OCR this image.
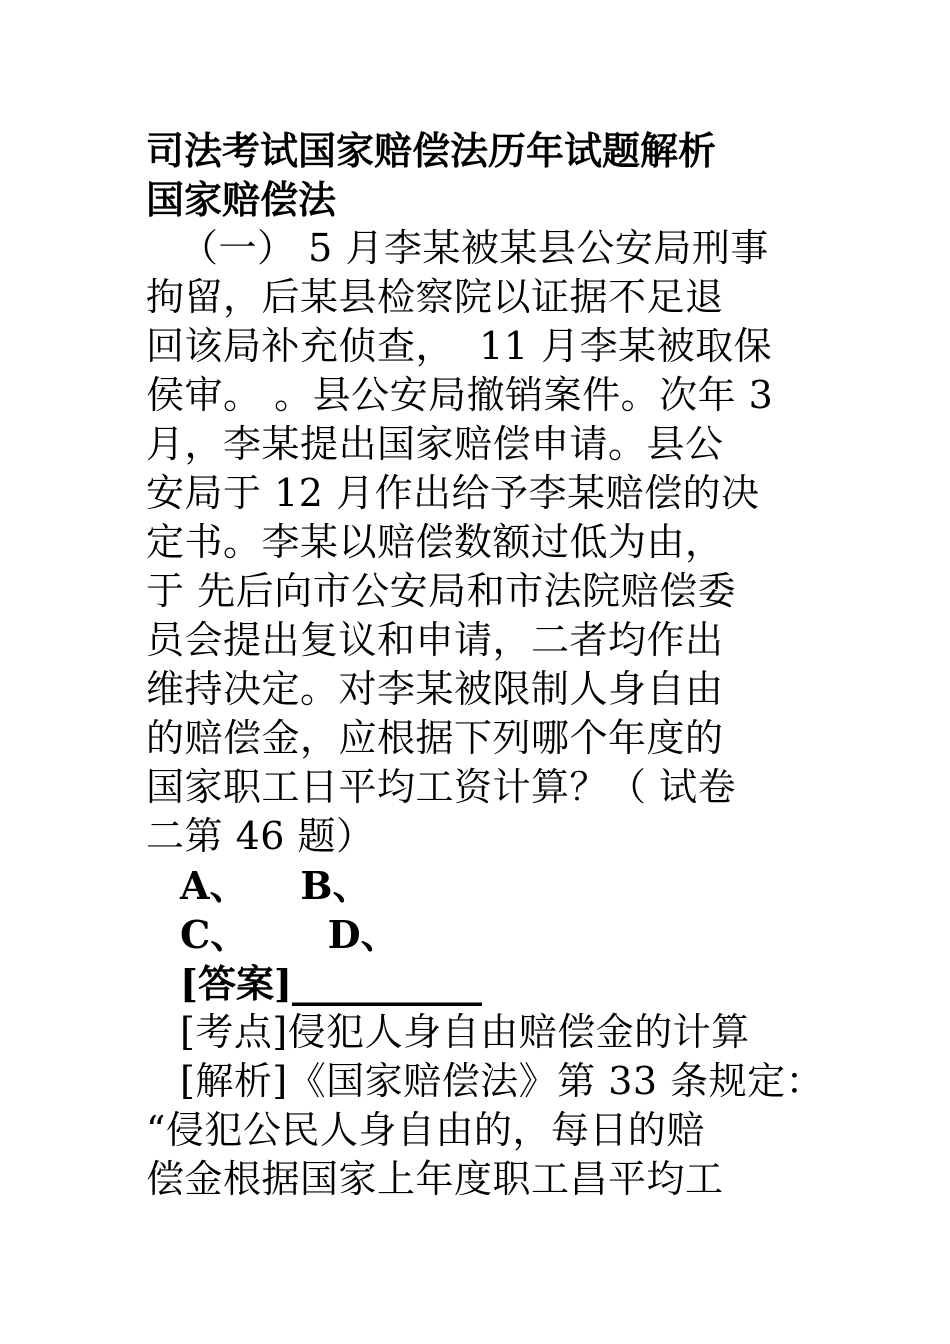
司法考试国家赔偿法历年试题解析
国家赔偿法
（一） 5 月李某被某县公安局刑事
拘留，后某县检察院以证据不足退
回该局补充侦查，  11 月李某被取保
侯审。 。县公安局撤销案件。次年 3
月，李某提出国家赔偿申请。县公
安局于 12 月作出给予李某赔偿的决
定书。李某以赔偿数额过低为由，
于 先后向市公安局和市法院赔偿委
员会提出复议和申请，二者均作出
维持决定。对李某被限制人身自由
的赔偿金，应根据下列哪个年度的
国家职工日平均工资计算？（ 试卷
二第 46 题）
A、    B、
C、      D、
[答案]__________
[考点]侵犯人身自由赔偿金的计算
[解析]《国家赔偿法》第 33 条规定：
“侵犯公民人身自由的，每日的赔
偿金根据国家上年度职工昌平均工
